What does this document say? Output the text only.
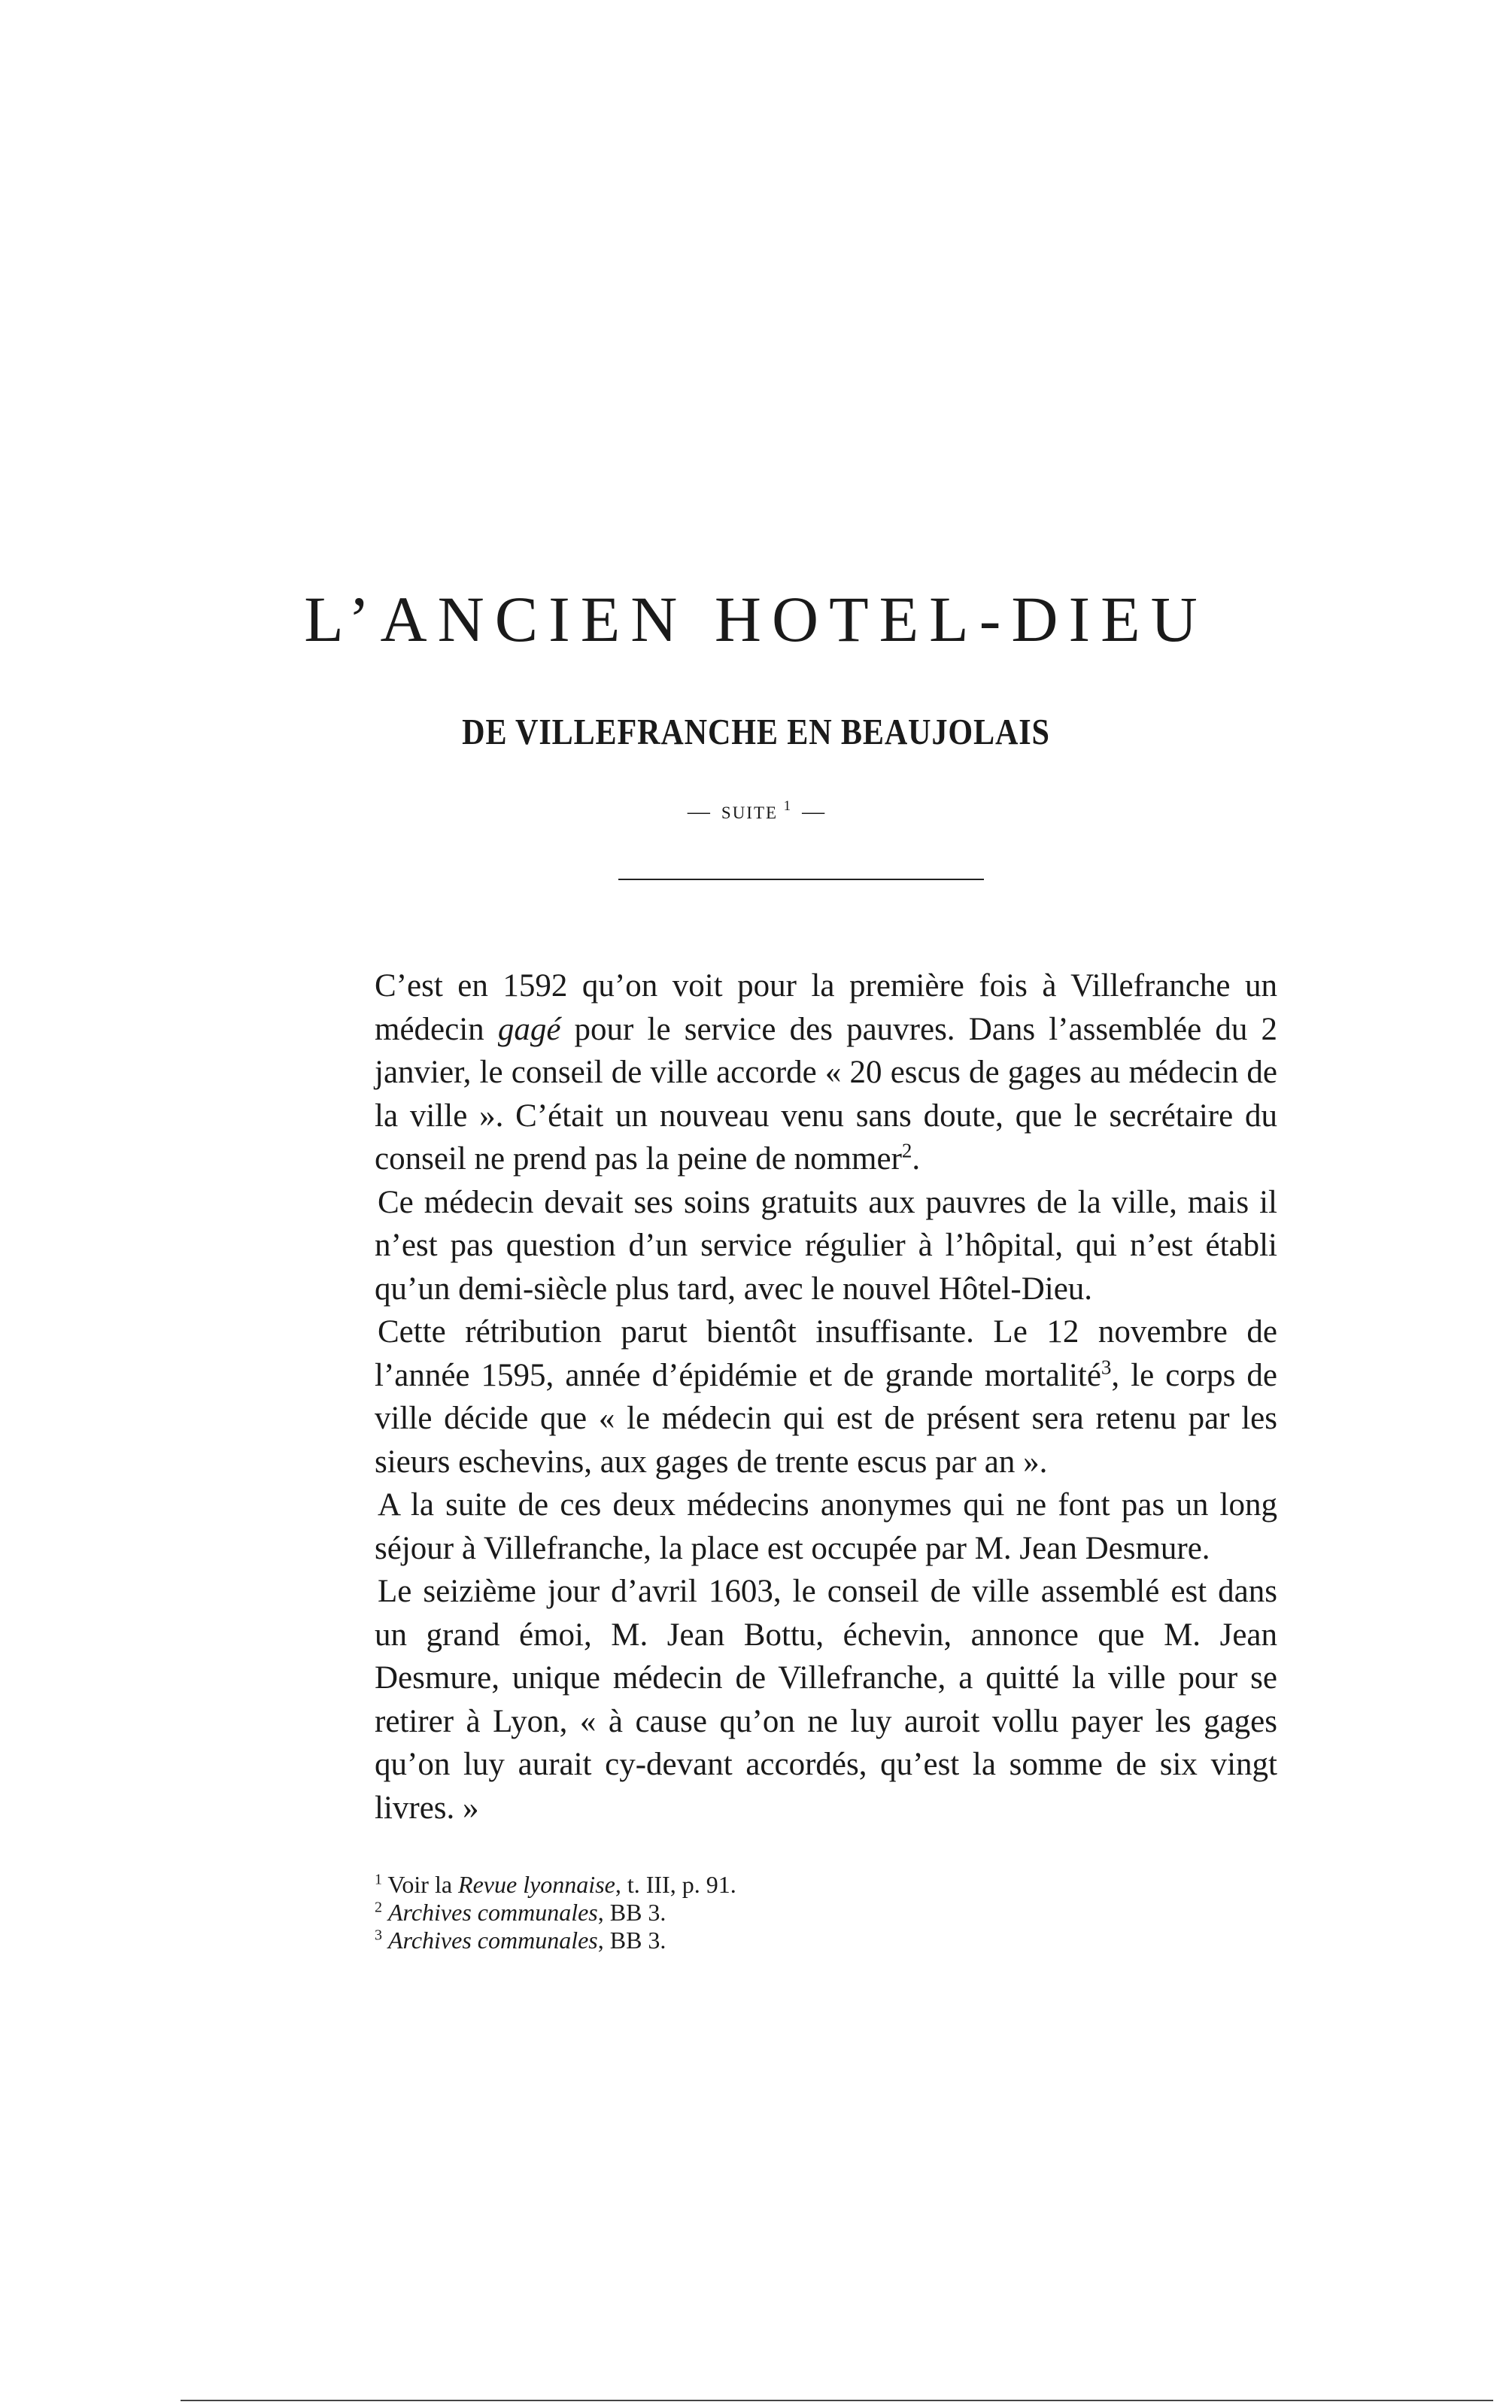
L’ANCIEN HOTEL-DIEU
DE VILLEFRANCHE EN BEAUJOLAIS
— SUITE $^1$ —

C’est en 1592 qu’on voit pour la première fois à Villefranche un médecin gagé pour le service des pauvres. Dans l’assemblée du 2 janvier, le conseil de ville accorde « 20 escus de gages au médecin de la ville ». C’était un nouveau venu sans doute, que le secrétaire du conseil ne prend pas la peine de nommer$^2$.

Ce médecin devait ses soins gratuits aux pauvres de la ville, mais il n’est pas question d’un service régulier à l’hôpital, qui n’est établi qu’un demi-siècle plus tard, avec le nouvel Hôtel-Dieu.

Cette rétribution parut bientôt insuffisante. Le 12 novembre de l’année 1595, année d’épidémie et de grande mortalité$^3$, le corps de ville décide que « le médecin qui est de présent sera retenu par les sieurs eschevins, aux gages de trente escus par an ».

A la suite de ces deux médecins anonymes qui ne font pas un long séjour à Villefranche, la place est occupée par M. Jean Desmure.

Le seizième jour d’avril 1603, le conseil de ville assemblé est dans un grand émoi, M. Jean Bottu, échevin, annonce que M. Jean Desmure, unique médecin de Villefranche, a quitté la ville pour se retirer à Lyon, « à cause qu’on ne luy auroit vollu payer les gages qu’on luy aurait cy-devant accordés, qu’est la somme de six vingt livres. »

$^1$ Voir la Revue lyonnaise, t. III, p. 91.

$^2$ Archives communales, BB 3.

$^3$ Archives communales, BB 3.
